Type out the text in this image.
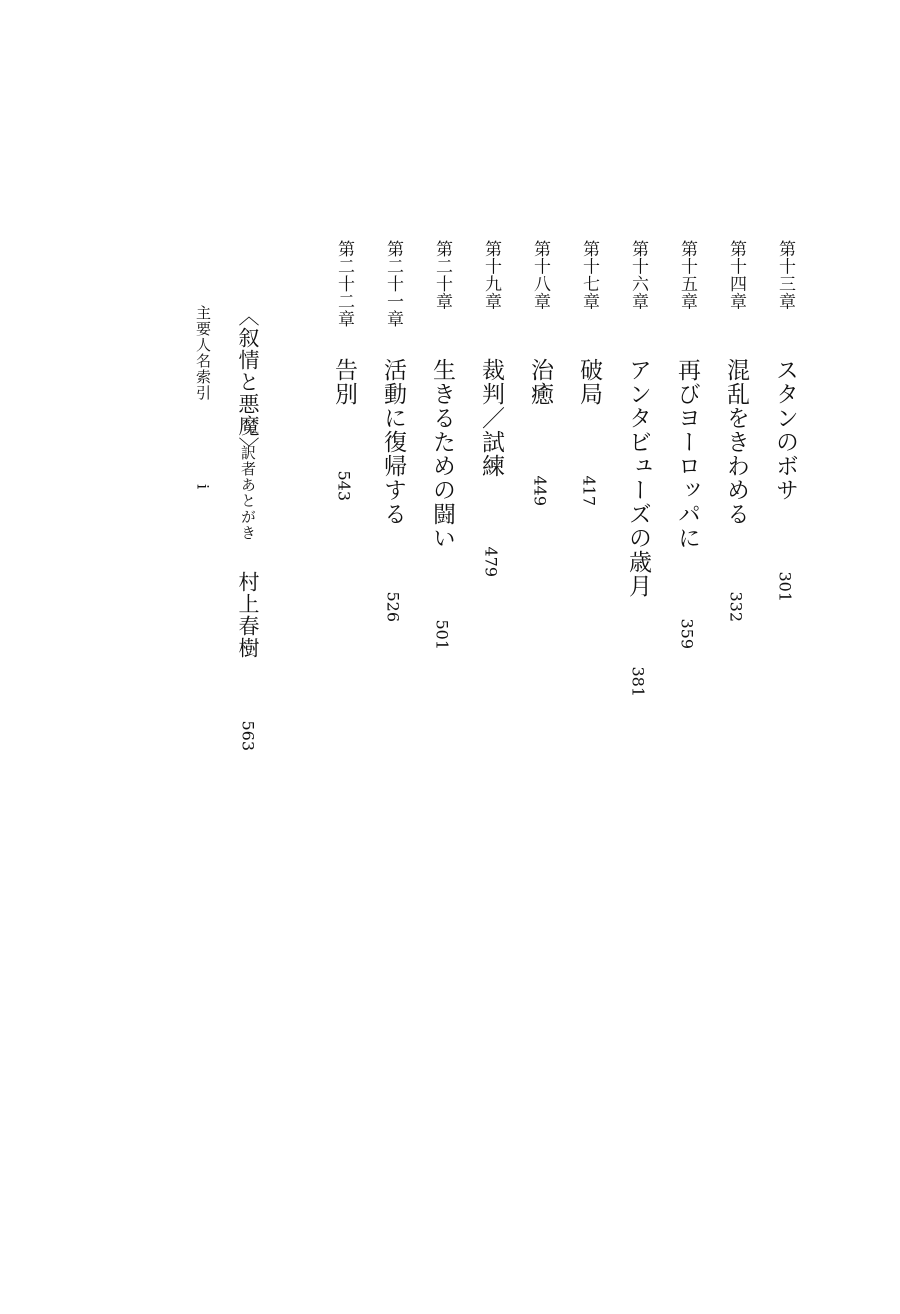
第十三章
スタンのボサ
301
第十四章
混乱をきわめる
332
第十五章
再びヨーロッパに
359
第十六章
アンタビューズの歳月
381
第十七章
破局
417
第十八章
治癒
449
第十九章
裁判／試練
479
第二十章
生きるための闘い
501
第二十一章
活動に復帰する
526
第二十二章
告別
543
〈叙情と悪魔〉
訳者あとがき
村上春樹
563
主要人名索引
i
